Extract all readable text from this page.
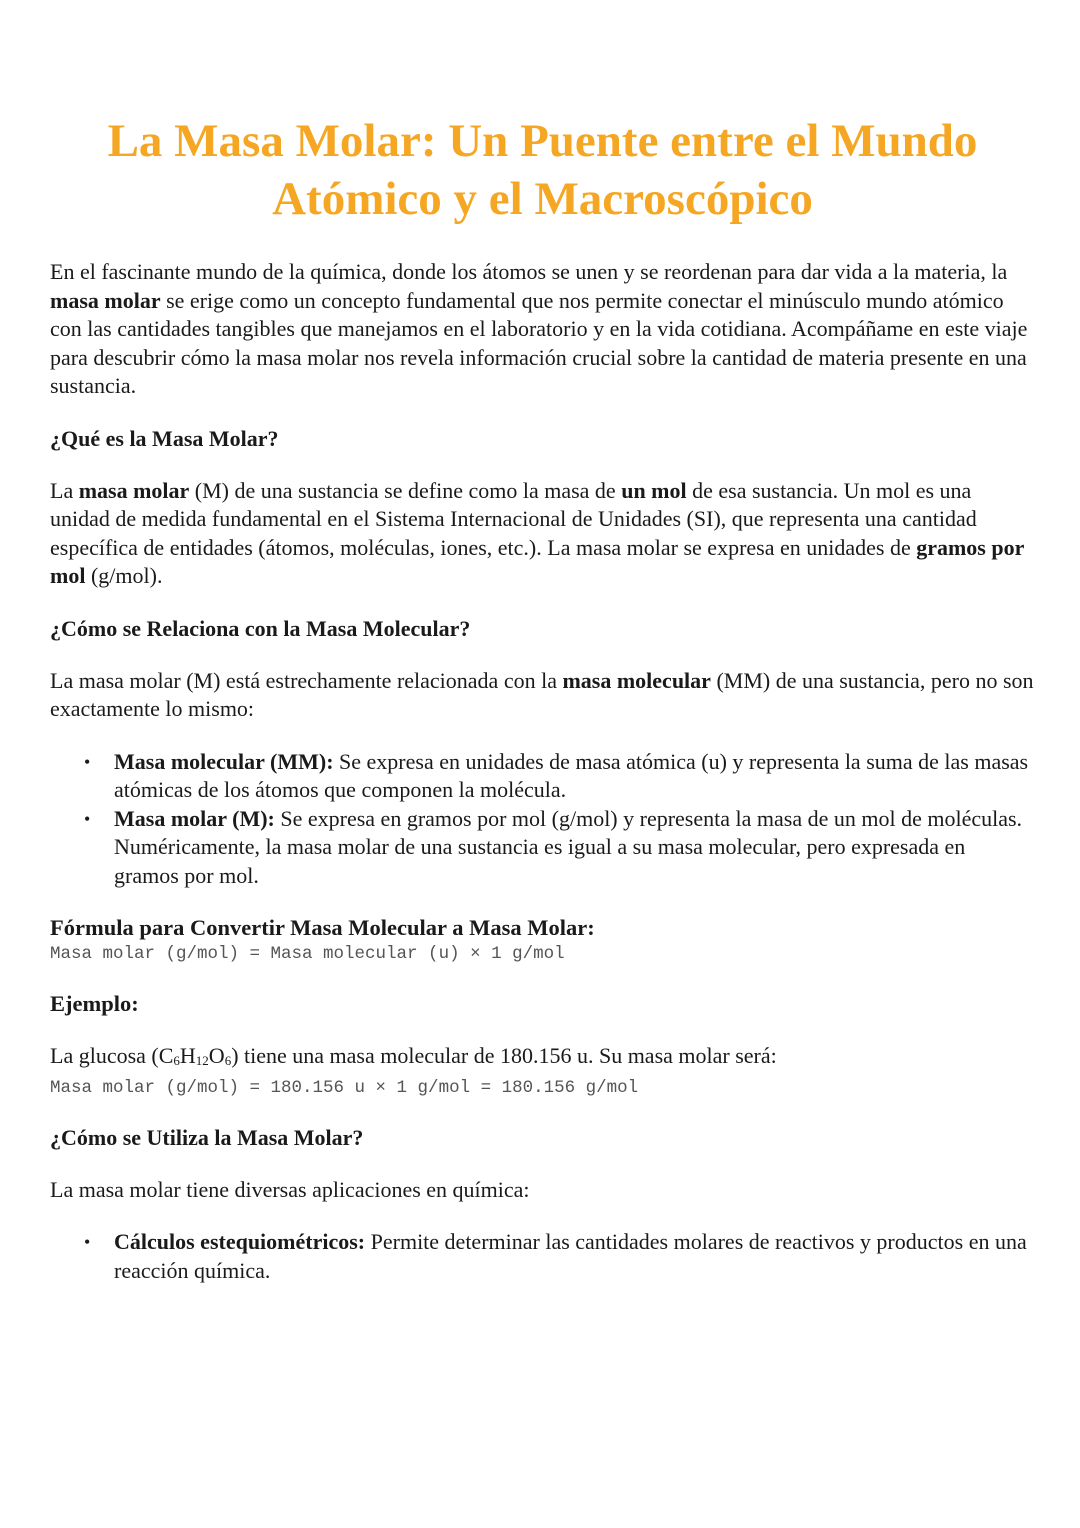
La Masa Molar: Un Puente entre el Mundo Atómico y el Macroscópico

En el fascinante mundo de la química, donde los átomos se unen y se reordenan para dar vida a la materia, la masa molar se erige como un concepto fundamental que nos permite conectar el minúsculo mundo atómico con las cantidades tangibles que manejamos en el laboratorio y en la vida cotidiana. Acompáñame en este viaje para descubrir cómo la masa molar nos revela información crucial sobre la cantidad de materia presente en una sustancia.

¿Qué es la Masa Molar?

La masa molar (M) de una sustancia se define como la masa de un mol de esa sustancia. Un mol es una unidad de medida fundamental en el Sistema Internacional de Unidades (SI), que representa una cantidad específica de entidades (átomos, moléculas, iones, etc.). La masa molar se expresa en unidades de gramos por mol (g/mol).

¿Cómo se Relaciona con la Masa Molecular?

La masa molar (M) está estrechamente relacionada con la masa molecular (MM) de una sustancia, pero no son exactamente lo mismo:

• Masa molecular (MM): Se expresa en unidades de masa atómica (u) y representa la suma de las masas atómicas de los átomos que componen la molécula.
• Masa molar (M): Se expresa en gramos por mol (g/mol) y representa la masa de un mol de moléculas. Numéricamente, la masa molar de una sustancia es igual a su masa molecular, pero expresada en gramos por mol.
Fórmula para Convertir Masa Molecular a Masa Molar:
Masa molar (g/mol) = Masa molecular (u) × 1 g/mol
Ejemplo:

La glucosa $(C_6H_{12}O_6)$ tiene una masa molecular de 180.156 u. Su masa molar será:

Masa molar (g/mol) = 180.156 u × 1 g/mol = 180.156 g/mol
¿Cómo se Utiliza la Masa Molar?

La masa molar tiene diversas aplicaciones en química:

• Cálculos estequiométricos: Permite determinar las cantidades molares de reactivos y productos en una reacción química.
